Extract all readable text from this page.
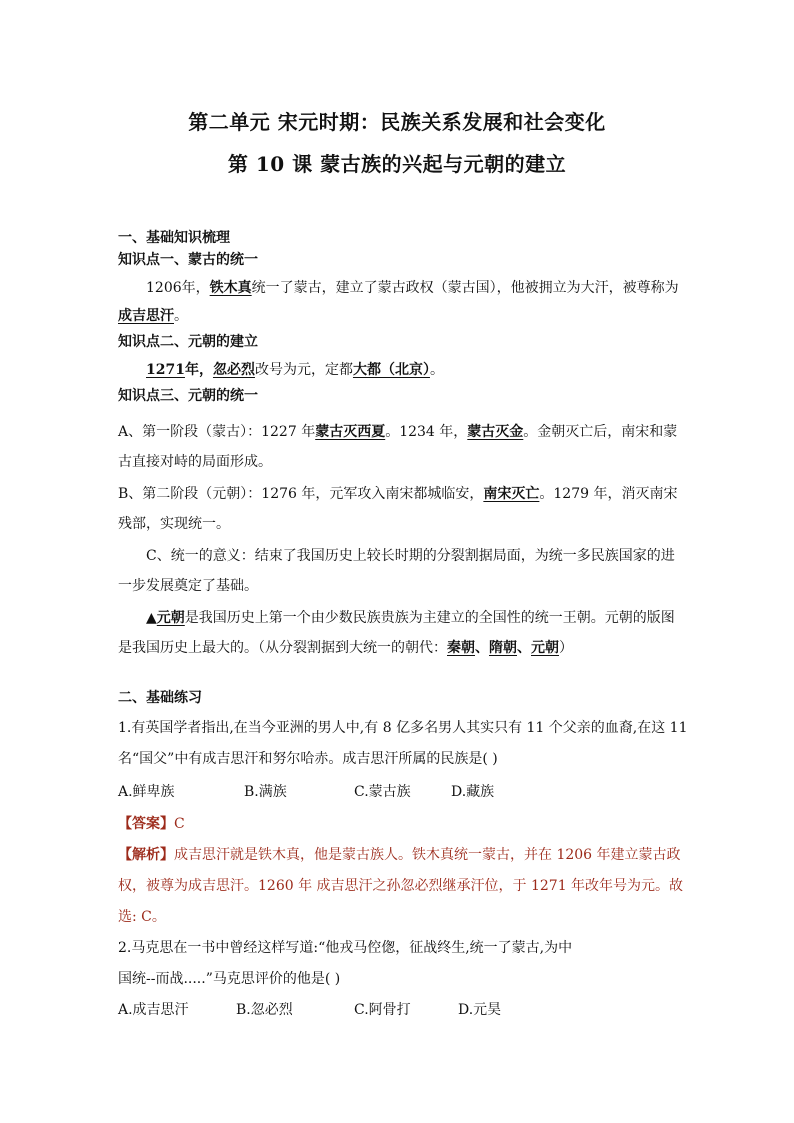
第二单元 宋元时期：民族关系发展和社会变化
第 10 课 蒙古族的兴起与元朝的建立
一、基础知识梳理
知识点一、蒙古的统一
1206年，铁木真统一了蒙古，建立了蒙古政权（蒙古国），他被拥立为大汗，被尊称为
成吉思汗。
知识点二、元朝的建立
1271年，忽必烈改号为元，定都大都（北京）。
知识点三、元朝的统一
A、第一阶段（蒙古）：1227 年蒙古灭西夏。1234 年，蒙古灭金。金朝灭亡后，南宋和蒙
古直接对峙的局面形成。
B、第二阶段（元朝）：1276 年，元军攻入南宋都城临安，南宋灭亡。1279 年，消灭南宋
残部，实现统一。
C、统一的意义：结束了我国历史上较长时期的分裂割据局面，为统一多民族国家的进
一步发展奠定了基础。
▲元朝是我国历史上第一个由少数民族贵族为主建立的全国性的统一王朝。元朝的版图
是我国历史上最大的。（从分裂割据到大统一的朝代：秦朝、隋朝、元朝）
二、基础练习
1.有英国学者指出,在当今亚洲的男人中,有 8 亿多名男人其实只有 11 个父亲的血裔,在这 11
名“国父”中有成吉思汗和努尔哈赤。成吉思汗所属的民族是( )
A.鲜卑族	B.满族	C.蒙古族	D.藏族
【答案】C
【解析】成吉思汗就是铁木真，他是蒙古族人。铁木真统一蒙古，并在 1206 年建立蒙古政
权，被尊为成吉思汗。1260 年 成吉思汗之孙忽必烈继承汗位，于 1271 年改年号为元。故
选: C。
2.马克思在一书中曾经这样写道:“他戎马倥偬，征战终生,统一了蒙古,为中
国统--而战.....”马克思评价的他是( )
A.成吉思汗	B.忽必烈	C.阿骨打	D.元昊
